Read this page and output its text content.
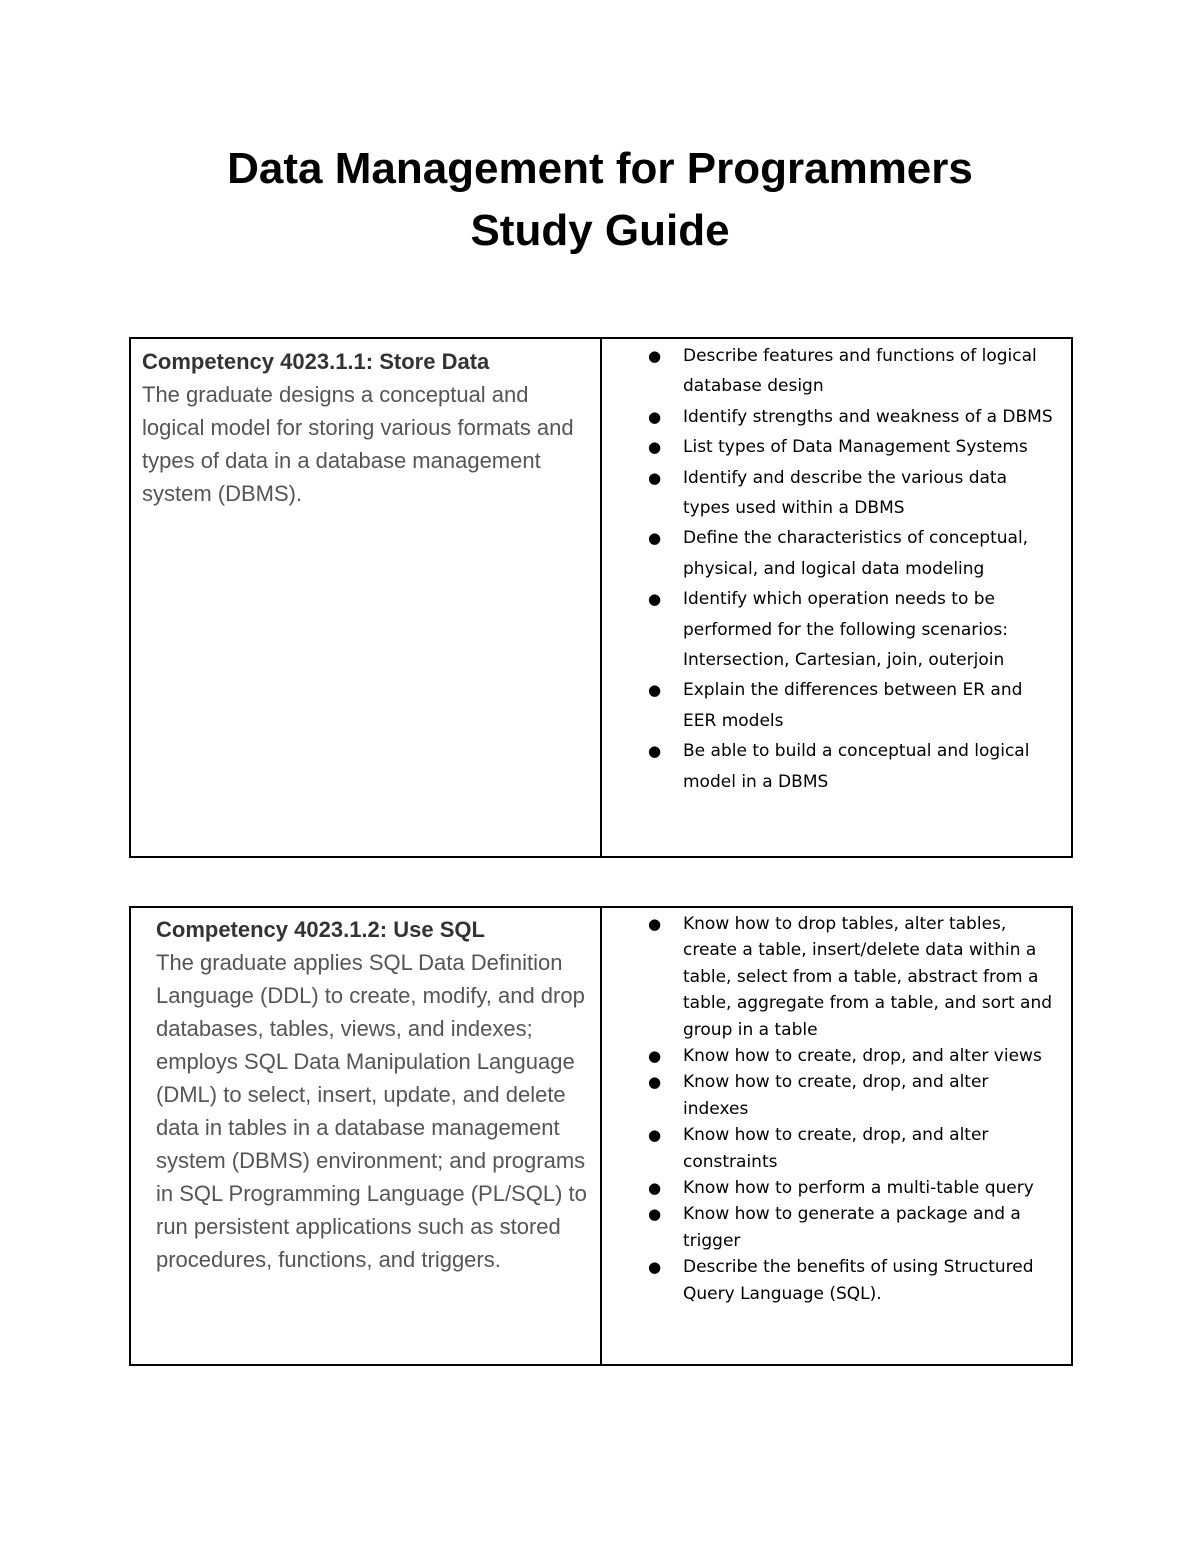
Data Management for Programmers
Study Guide
Competency 4023.1.1: Store Data
The graduate designs a conceptual and logical model for storing various formats and types of data in a database management system (DBMS).

● Describe features and functions of logical database design
● Identify strengths and weakness of a DBMS
● List types of Data Management Systems
● Identify and describe the various data types used within a DBMS
● Define the characteristics of conceptual, physical, and logical data modeling
● Identify which operation needs to be performed for the following scenarios: Intersection, Cartesian, join, outerjoin
● Explain the differences between ER and EER models
● Be able to build a conceptual and logical model in a DBMS
Competency 4023.1.2: Use SQL
The graduate applies SQL Data Definition Language (DDL) to create, modify, and drop databases, tables, views, and indexes; employs SQL Data Manipulation Language (DML) to select, insert, update, and delete data in tables in a database management system (DBMS) environment; and programs in SQL Programming Language (PL/SQL) to run persistent applications such as stored procedures, functions, and triggers.

● Know how to drop tables, alter tables, create a table, insert/delete data within a table, select from a table, abstract from a table, aggregate from a table, and sort and group in a table
● Know how to create, drop, and alter views
● Know how to create, drop, and alter indexes
● Know how to create, drop, and alter constraints
● Know how to perform a multi-table query
● Know how to generate a package and a trigger
● Describe the benefits of using Structured Query Language (SQL).
